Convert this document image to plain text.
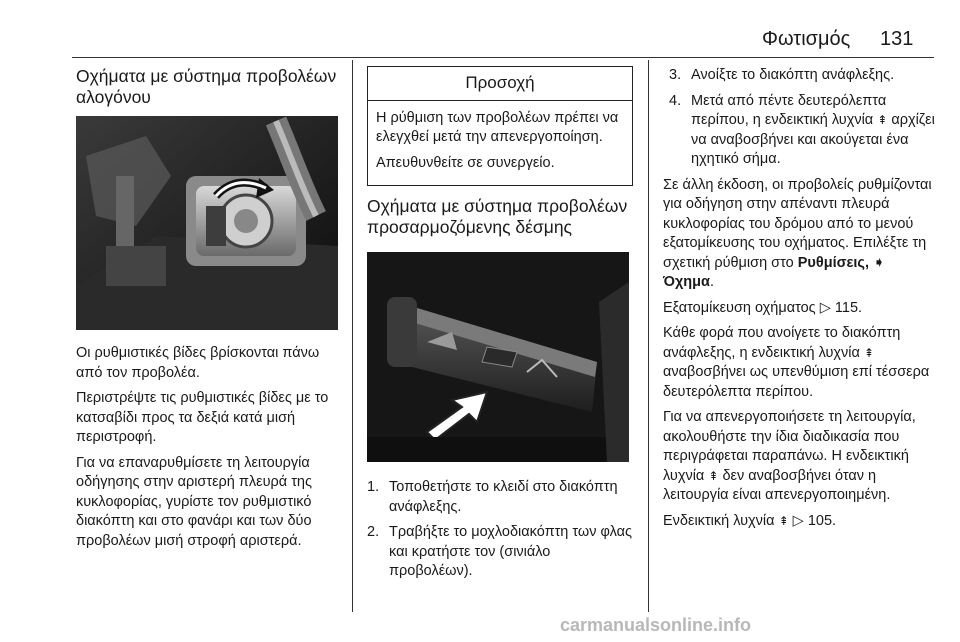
Φωτισμός 131
Οχήματα με σύστημα προβολέων αλογόνου

Οι ρυθμιστικές βίδες βρίσκονται πάνω από τον προβολέα.

Περιστρέψτε τις ρυθμιστικές βίδες με το κατσαβίδι προς τα δεξιά κατά μισή περιστροφή.

Για να επαναρυθμίσετε τη λειτουργία οδήγησης στην αριστερή πλευρά της κυκλοφορίας, γυρίστε τον ρυθμιστικό διακόπτη και στο φανάρι και των δύο προβολέων μισή στροφή αριστερά.

Προσοχή

Η ρύθμιση των προβολέων πρέπει να ελεγχθεί μετά την απενεργοποίηση.

Απευθυνθείτε σε συνεργείο.

Οχήματα με σύστημα προβολέων προσαρμοζόμενης δέσμης
1. Τοποθετήστε το κλειδί στο διακόπτη ανάφλεξης.
2. Τραβήξτε το μοχλοδιακόπτη των φλας και κρατήστε τον (σινιάλο προβολέων).
3. Ανοίξτε το διακόπτη ανάφλεξης.
4. Μετά από πέντε δευτερόλεπτα περίπου, η ενδεικτική λυχνία ⇞ αρχίζει να αναβοσβήνει και ακούγεται ένα ηχητικό σήμα.

Σε άλλη έκδοση, οι προβολείς ρυθμίζονται για οδήγηση στην απέναντι πλευρά κυκλοφορίας του δρόμου από το μενού εξατομίκευσης του οχήματος. Επιλέξτε τη σχετική ρύθμιση στο Ρυθμίσεις, ➧ Όχημα.

Εξατομίκευση οχήματος ▷ 115.

Κάθε φορά που ανοίγετε το διακόπτη ανάφλεξης, η ενδεικτική λυχνία ⇞ αναβοσβήνει ως υπενθύμιση επί τέσσερα δευτερόλεπτα περίπου.

Για να απενεργοποιήσετε τη λειτουργία, ακολουθήστε την ίδια διαδικασία που περιγράφεται παραπάνω. Η ενδεικτική λυχνία ⇞ δεν αναβοσβήνει όταν η λειτουργία είναι απενεργοποιημένη.

Ενδεικτική λυχνία ⇞ ▷ 105.

carmanualsonline.info
